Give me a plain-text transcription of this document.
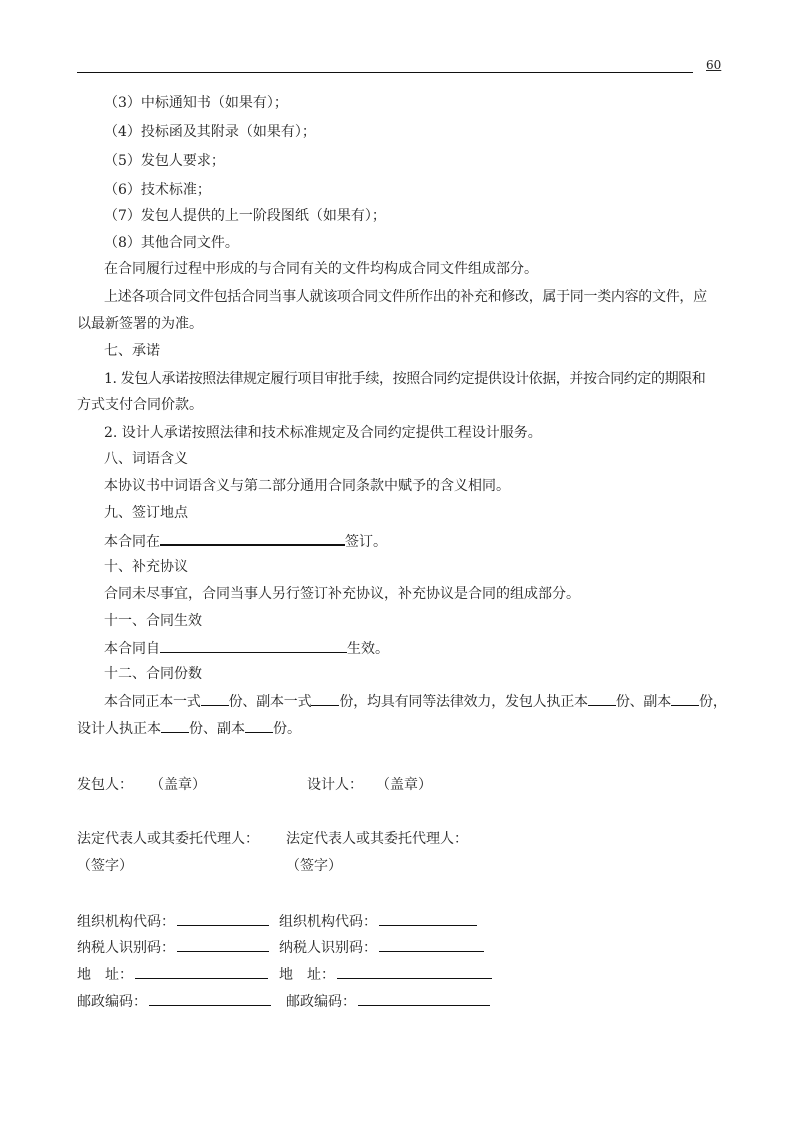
60
（3）中标通知书（如果有）；
（4）投标函及其附录（如果有）；
（5）发包人要求；
（6）技术标准；
（7）发包人提供的上一阶段图纸（如果有）；
（8）其他合同文件。
在合同履行过程中形成的与合同有关的文件均构成合同文件组成部分。
上述各项合同文件包括合同当事人就该项合同文件所作出的补充和修改，属于同一类内容的文件，应
以最新签署的为准。
七、承诺
1. 发包人承诺按照法律规定履行项目审批手续，按照合同约定提供设计依据，并按合同约定的期限和
方式支付合同价款。
2. 设计人承诺按照法律和技术标准规定及合同约定提供工程设计服务。
八、词语含义
本协议书中词语含义与第二部分通用合同条款中赋予的含义相同。
九、签订地点
本合同在	签订。
十、补充协议
合同未尽事宜，合同当事人另行签订补充协议，补充协议是合同的组成部分。
十一、合同生效
本合同自	生效。
十二、合同份数
本合同正本一式 份、副本一式 份，均具有同等法律效力，发包人执正本 份、副本 份，
设计人执正本 份、副本 份。
发包人： （盖章）	设计人： （盖章）
法定代表人或其委托代理人： 法定代表人或其委托代理人：
（签字）	（签字）
组织机构代码：	组织机构代码：
纳税人识别码：	纳税人识别码：
地　址：	地　址：
邮政编码：	邮政编码：
